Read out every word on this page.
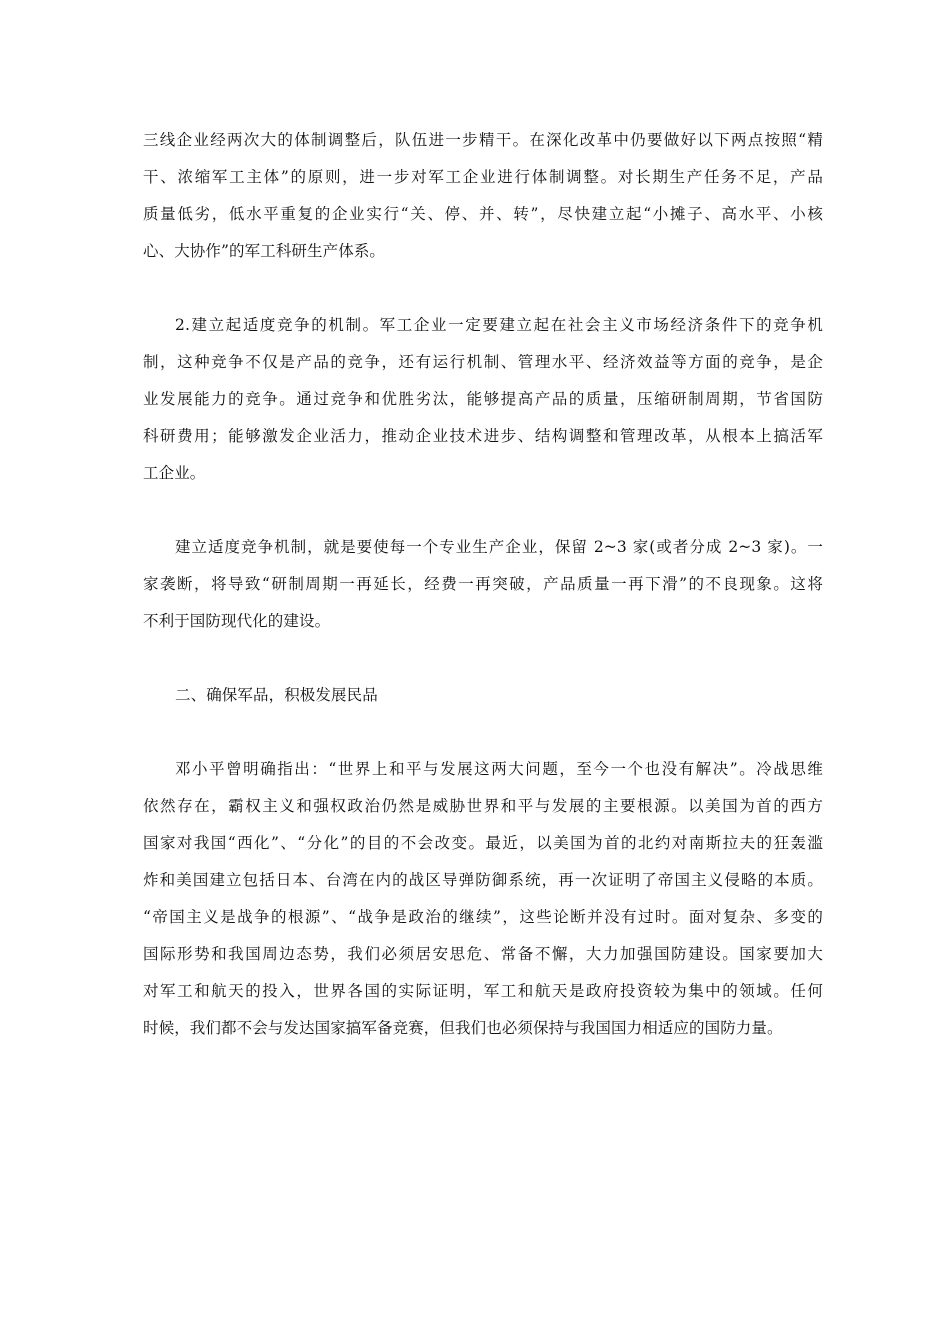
三线企业经两次大的体制调整后，队伍进一步精干。在深化改革中仍要做好以下两点按照“精
干、浓缩军工主体”的原则，进一步对军工企业进行体制调整。对长期生产任务不足，产品
质量低劣，低水平重复的企业实行“关、停、并、转”，尽快建立起“小摊子、高水平、小核
心、大协作”的军工科研生产体系。

2.建立起适度竞争的机制。军工企业一定要建立起在社会主义市场经济条件下的竞争机
制，这种竞争不仅是产品的竞争，还有运行机制、管理水平、经济效益等方面的竞争，是企
业发展能力的竞争。通过竞争和优胜劣汰，能够提高产品的质量，压缩研制周期，节省国防
科研费用；能够激发企业活力，推动企业技术进步、结构调整和管理改革，从根本上搞活军
工企业。

建立适度竞争机制，就是要使每一个专业生产企业，保留 2~3 家(或者分成 2~3 家)。一
家袭断，将导致“研制周期一再延长，经费一再突破，产品质量一再下滑”的不良现象。这将
不利于国防现代化的建设。

二、确保军品，积极发展民品

邓小平曾明确指出：“世界上和平与发展这两大问题，至今一个也没有解决”。冷战思维
依然存在，霸权主义和强权政治仍然是威胁世界和平与发展的主要根源。以美国为首的西方
国家对我国“西化”、“分化”的目的不会改变。最近，以美国为首的北约对南斯拉夫的狂轰滥
炸和美国建立包括日本、台湾在内的战区导弹防御系统，再一次证明了帝国主义侵略的本质。
“帝国主义是战争的根源”、“战争是政治的继续”，这些论断并没有过时。面对复杂、多变的
国际形势和我国周边态势，我们必须居安思危、常备不懈，大力加强国防建设。国家要加大
对军工和航天的投入，世界各国的实际证明，军工和航天是政府投资较为集中的领域。任何
时候，我们都不会与发达国家搞军备竞赛，但我们也必须保持与我国国力相适应的国防力量。
